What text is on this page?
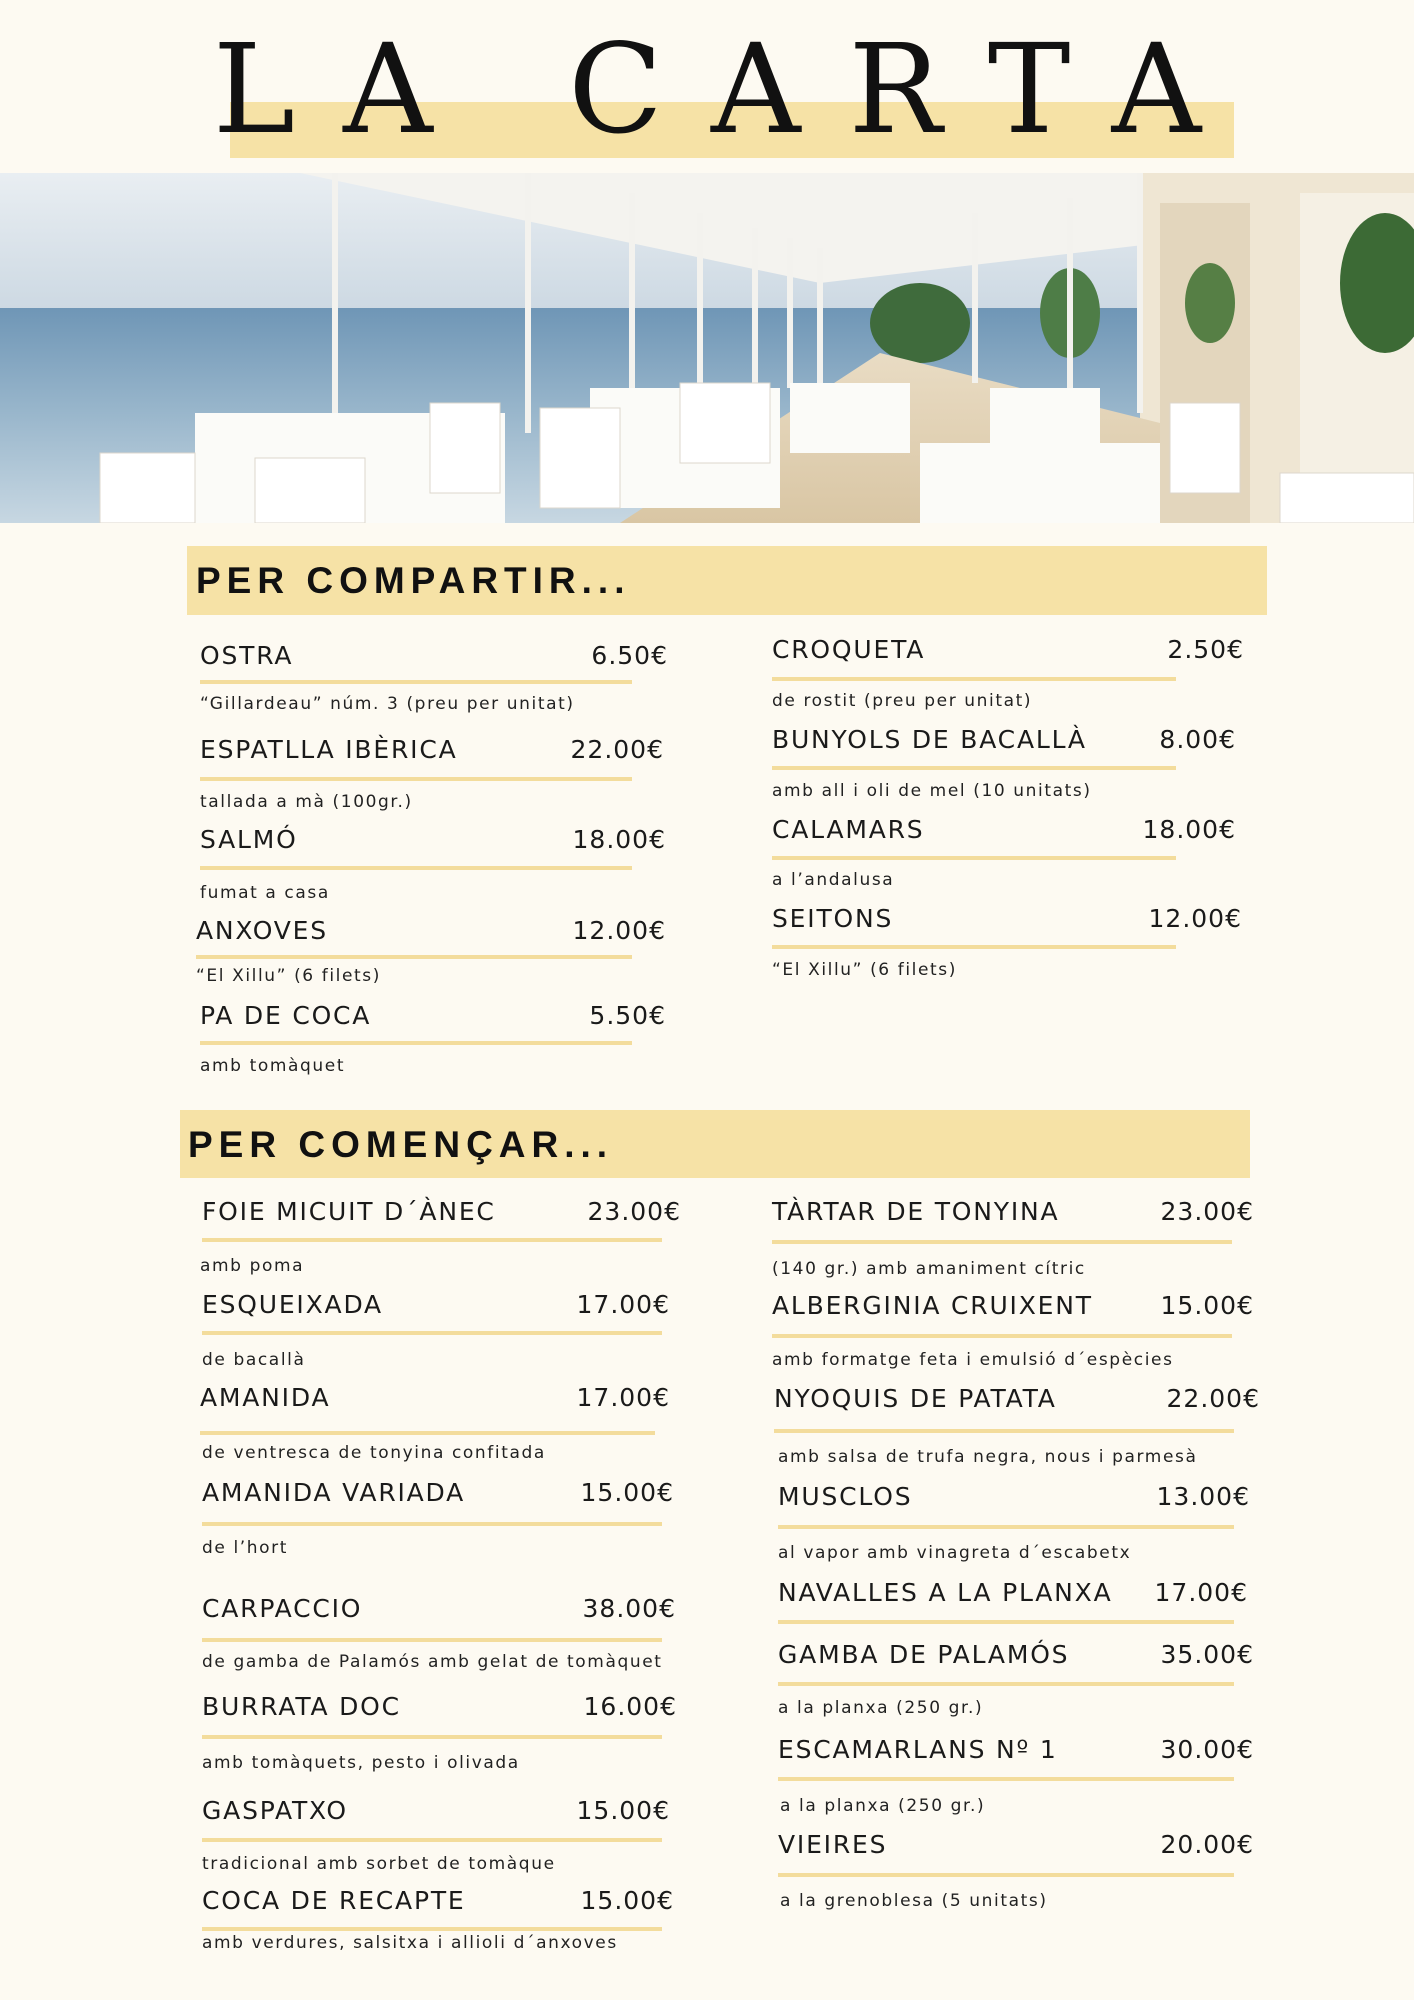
LA CARTA
PER COMPARTIR...
OSTRA	6.50€
“Gillardeau” núm. 3 (preu per unitat)
ESPATLLA IBÈRICA	22.00€
tallada a mà (100gr.)
SALMÓ	18.00€
fumat a casa
ANXOVES	12.00€
“El Xillu” (6 filets)
PA DE COCA	5.50€
amb tomàquet
CROQUETA	2.50€
de rostit (preu per unitat)
BUNYOLS DE BACALLÀ	8.00€
amb all i oli de mel (10 unitats)
CALAMARS	18.00€
a l’andalusa
SEITONS	12.00€
“El Xillu” (6 filets)
PER COMENÇAR...
FOIE MICUIT D´ÀNEC	23.00€
amb poma
ESQUEIXADA	17.00€
de bacallà
AMANIDA	17.00€
de ventresca de tonyina confitada
AMANIDA VARIADA	15.00€
de l’hort
CARPACCIO	38.00€
de gamba de Palamós amb gelat de tomàquet
BURRATA DOC	16.00€
amb tomàquets, pesto i olivada
GASPATXO	15.00€
tradicional amb sorbet de tomàque
COCA DE RECAPTE	15.00€
amb verdures, salsitxa i allioli d´anxoves
TÀRTAR DE TONYINA	23.00€
(140 gr.) amb amaniment cítric
ALBERGINIA CRUIXENT	15.00€
amb formatge feta i emulsió d´espècies
NYOQUIS DE PATATA	22.00€
amb salsa de trufa negra, nous i parmesà
MUSCLOS	13.00€
al vapor amb vinagreta d´escabetx
NAVALLES A LA PLANXA	17.00€
GAMBA DE PALAMÓS	35.00€
a la planxa (250 gr.)
ESCAMARLANS Nº 1	30.00€
a la planxa (250 gr.)
VIEIRES	20.00€
a la grenoblesa (5 unitats)
